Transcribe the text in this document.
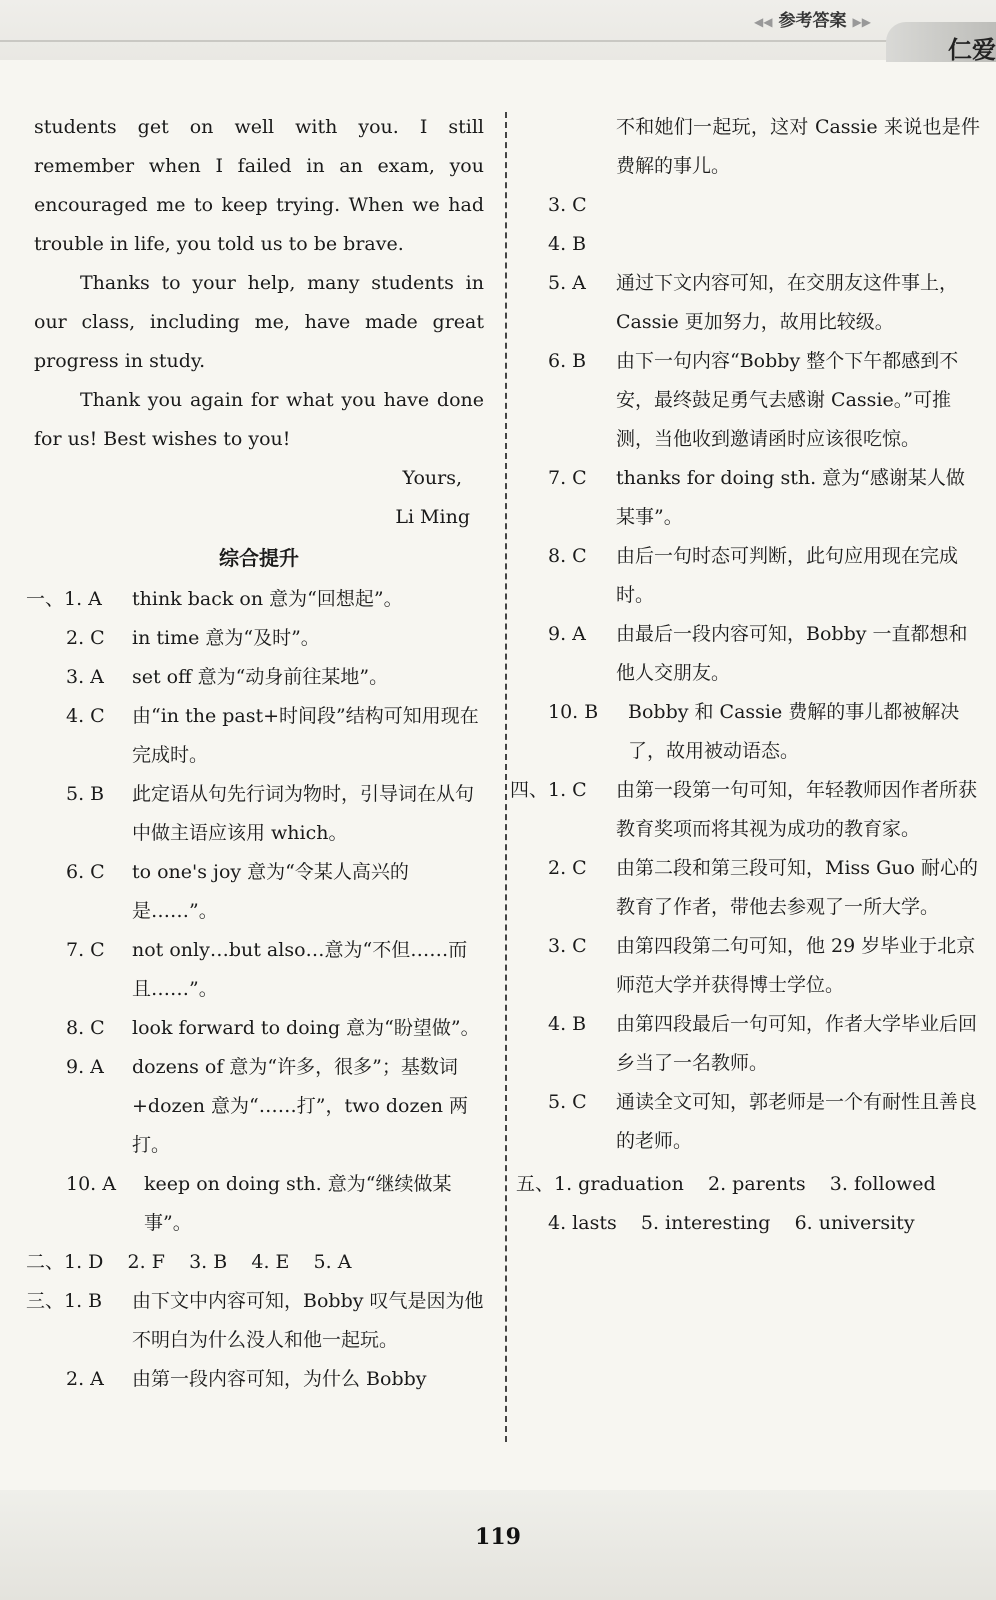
◀◀ 参考答案 ▶▶
仁爱

students get on well with you. I still remember when I failed in an exam, you encouraged me to keep trying. When we had trouble in life, you told us to be brave.

Thanks to your help, many students in our class, including me, have made great progress in study.

Thank you again for what you have done for us! Best wishes to you!

Yours,

Li Ming

综合提升

一、1. A	think back on 意为“回想起”。
2. C	in time 意为“及时”。
3. A	set off 意为“动身前往某地”。
4. C	由“in the past+时间段”结构可知用现在完成时。
5. B	此定语从句先行词为物时，引导词在从句中做主语应该用 which。
6. C	to one's joy 意为“令某人高兴的是……”。
7. C	not only…but also…意为“不但……而且……”。
8. C	look forward to doing 意为“盼望做”。
9. A	dozens of 意为“许多，很多”；基数词+dozen 意为“……打”，two dozen 两打。
10. A	keep on doing sth. 意为“继续做某事”。

二、1. D    2. F    3. B    4. E    5. A

三、1. B	由下文中内容可知，Bobby 叹气是因为他不明白为什么没人和他一起玩。
2. A	由第一段内容可知，为什么 Bobby

不和她们一起玩，这对 Cassie 来说也是件费解的事儿。

3. C
4. B
5. A	通过下文内容可知，在交朋友这件事上，Cassie 更加努力，故用比较级。
6. B	由下一句内容“Bobby 整个下午都感到不安，最终鼓足勇气去感谢 Cassie。”可推测，当他收到邀请函时应该很吃惊。
7. C	thanks for doing sth. 意为“感谢某人做某事”。
8. C	由后一句时态可判断，此句应用现在完成时。
9. A	由最后一段内容可知，Bobby 一直都想和他人交朋友。
10. B	Bobby 和 Cassie 费解的事儿都被解决了，故用被动语态。
四、1. C	由第一段第一句可知，年轻教师因作者所获教育奖项而将其视为成功的教育家。
2. C	由第二段和第三段可知，Miss Guo 耐心的教育了作者，带他去参观了一所大学。
3. C	由第四段第二句可知，他 29 岁毕业于北京师范大学并获得博士学位。
4. B	由第四段最后一句可知，作者大学毕业后回乡当了一名教师。
5. C	通读全文可知，郭老师是一个有耐性且善良的老师。

五、1. graduation    2. parents    3. followed

4. lasts    5. interesting    6. university

119
